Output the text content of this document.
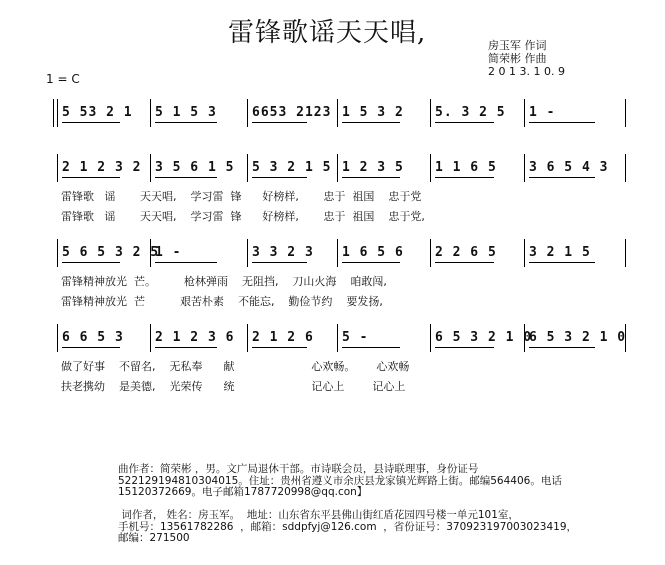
雷锋歌谣天天唱,	房玉军 作词
简荣彬 作曲
2 0 1 3. 1 0. 9
1 = C
5 53 2 1 5 1 5 3	6653 2123 1 5 3 2 5. 3 2 5 1 -
2 1 2 3 2 3 5 6 1 5 5 3 2 1 5 1 2 3 5 1 1 6 5 3 6 5 4 3
雷锋歌   谣       天天唱,    学习雷  锋      好榜样,       忠于  祖国    忠于党
雷锋歌   谣       天天唱,    学习雷  锋      好榜样,       忠于  祖国    忠于党,
5 6 5 3 2 5
1 -	3 3 2 3 1 6 5 6 2 2 6 5 3 2 1 5
雷锋精神放光  芒。        枪林弹雨    无阻挡,    刀山火海    咱敢闯,
雷锋精神放光  芒          艰苦朴素    不能忘,    勤俭节约    要发扬,
6 6 5 3 2 1 2 3 6 2 1 2 6 5 -	6 5 3 2 1 0
6 5 3 2 1 0
做了好事    不留名,    无私奉      献                      心欢畅。      心欢畅
扶老携幼    是美德,    光荣传      统                      记心上        记心上
曲作者：简荣彬 ，男。文广局退休干部。市诗联会员，县诗联理事，身份证号
522129194810304015。住址：贵州省遵义市余庆县龙家镇光辉路上街。邮编564406。电话
15120372669。电子邮箱1787720998@qq.con】

词作者， 姓名：房玉军。  地址：山东省东平县佛山街红盾花园四号楼一单元101室，
手机号：13561782286  ，邮箱：sddpfyj@126.com  ，省份证号：370923197003023419，
邮编：271500
